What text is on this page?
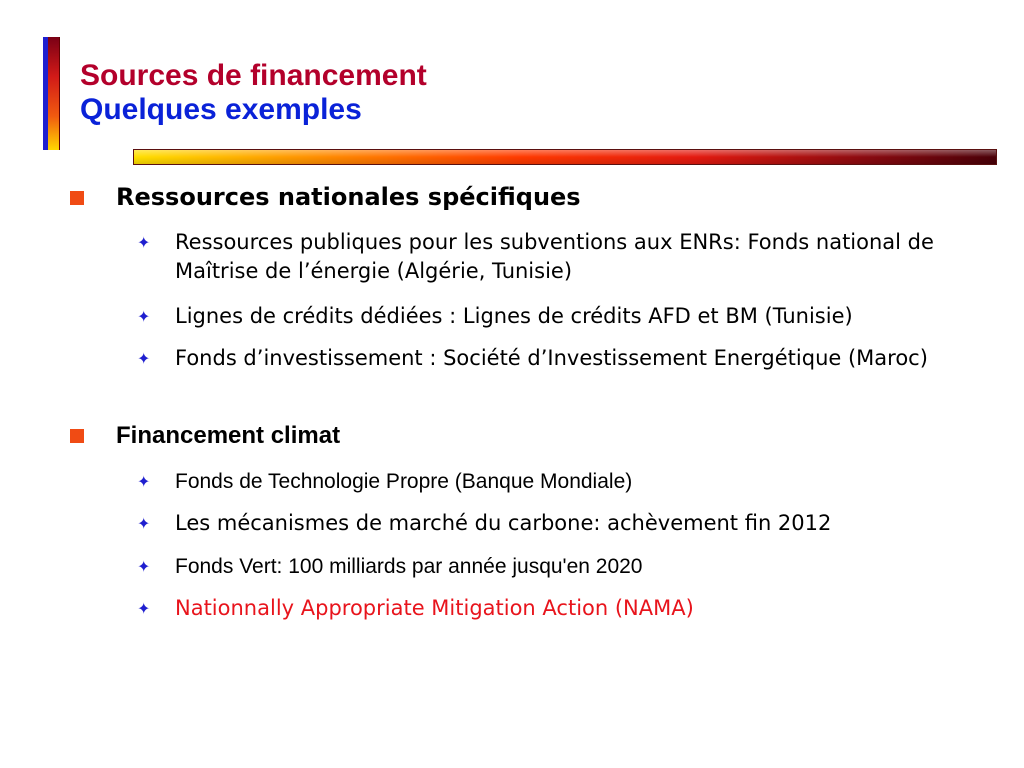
Sources de financement
Quelques exemples
Ressources nationales spécifiques
✦ Ressources publiques pour les subventions aux ENRs: Fonds national de Maîtrise de l’énergie (Algérie, Tunisie)
✦ Lignes de crédits dédiées : Lignes de crédits AFD et BM (Tunisie)
✦ Fonds d’investissement : Société d’Investissement Energétique (Maroc)
Financement climat
✦ Fonds de Technologie Propre (Banque Mondiale)
✦ Les mécanismes de marché du carbone: achèvement fin 2012
✦ Fonds Vert: 100 milliards par année jusqu'en 2020
✦ Nationnally Appropriate Mitigation Action (NAMA)
